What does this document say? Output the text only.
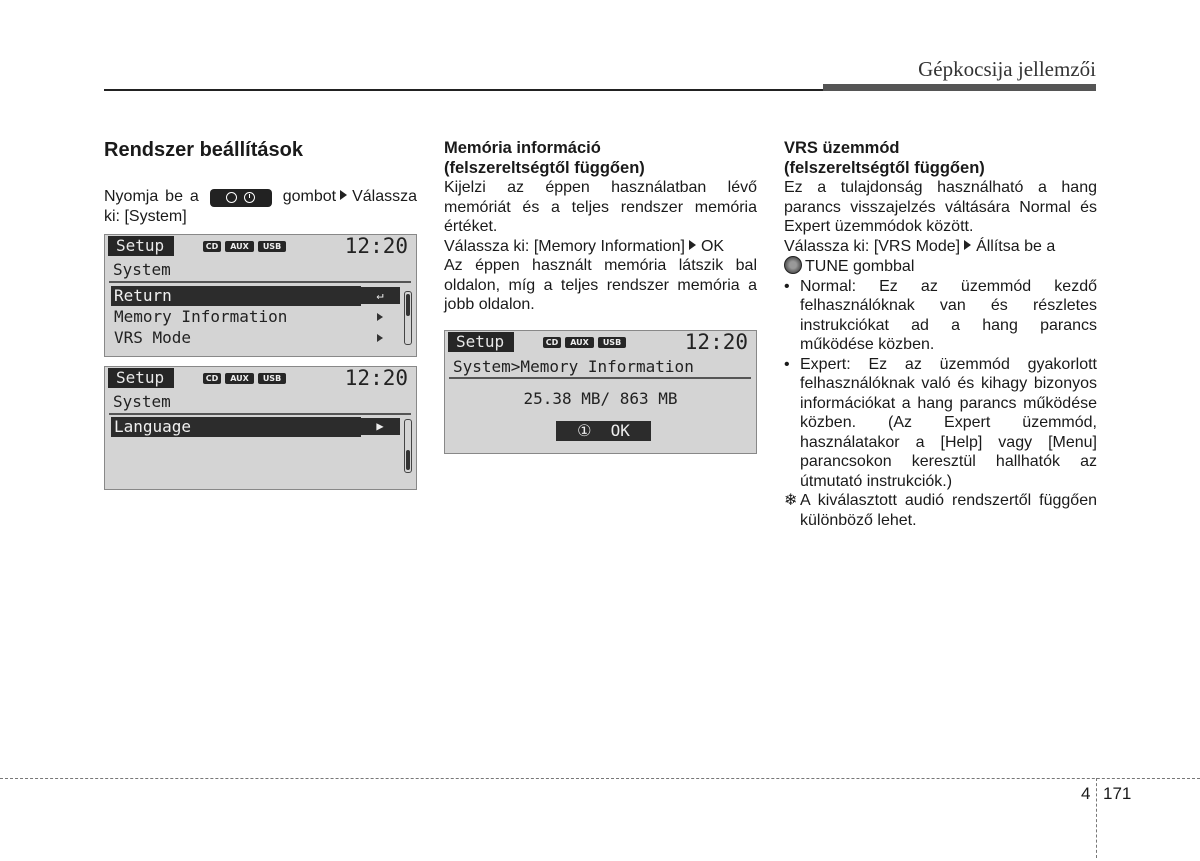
Gépkocsija jellemzői
Rendszer beállítások

Nyomja be a	gombot Válassza ki: [System]

Setup	CD	AUX	USB	12:20
System
Return	↵
Memory Information
VRS Mode
Setup	CD	AUX	USB	12:20
System
Language	▶
Memória információ
(felszereltségtől függően)

Kijelzi az éppen használatban lévő memóriát és a teljes rendszer memória értéket.

Válassza ki: [Memory Information] OK

Az éppen használt memória látszik bal oldalon, míg a teljes rendszer memória a jobb oldalon.

Setup	CD	AUX	USB	12:20
System>Memory Information
25.38 MB/ 863 MB
① OK
VRS üzemmód
(felszereltségtől függően)

Ez a tulajdonság használható a hang parancs visszajelzés váltására Normal és Expert üzemmódok között.

Válassza ki: [VRS Mode] Állítsa be a
TUNE gombbal

• Normal: Ez az üzemmód kezdő felhasználóknak van és részletes instrukciókat ad a hang parancs működése közben.

• Expert: Ez az üzemmód gyakorlott felhasználóknak való és kihagy bizonyos információkat a hang parancs működése közben. (Az Expert üzemmód, használatakor a [Help] vagy [Menu] parancsokon keresztül hallhatók az útmutató instrukciók.)

❄ A kiválasztott audió rendszertől függően különböző lehet.

4 171
